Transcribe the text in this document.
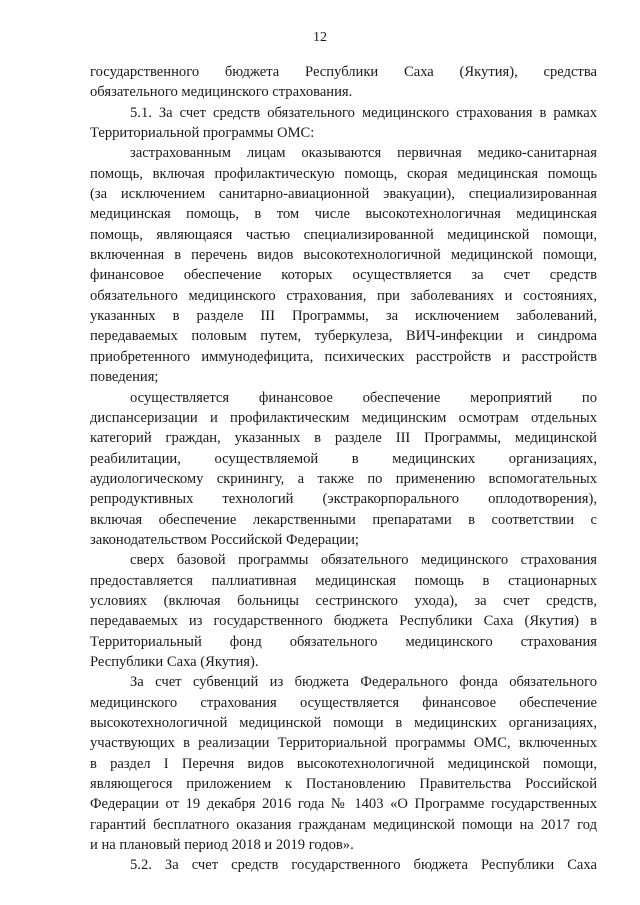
12
государственного бюджета Республики Саха (Якутия), средства
обязательного медицинского страхования.
5.1. За счет средств обязательного медицинского страхования в рамках
Территориальной программы ОМС:
застрахованным лицам оказываются первичная медико-санитарная
помощь, включая профилактическую помощь, скорая медицинская помощь
(за исключением санитарно-авиационной эвакуации), специализированная
медицинская помощь, в том числе высокотехнологичная медицинская
помощь, являющаяся частью специализированной медицинской помощи,
включенная в перечень видов высокотехнологичной медицинской помощи,
финансовое обеспечение которых осуществляется за счет средств
обязательного медицинского страхования, при заболеваниях и состояниях,
указанных в разделе III Программы, за исключением заболеваний,
передаваемых половым путем, туберкулеза, ВИЧ-инфекции и синдрома
приобретенного иммунодефицита, психических расстройств и расстройств
поведения;
осуществляется финансовое обеспечение мероприятий по
диспансеризации и профилактическим медицинским осмотрам отдельных
категорий граждан, указанных в разделе III Программы, медицинской
реабилитации, осуществляемой в медицинских организациях,
аудиологическому скринингу, а также по применению вспомогательных
репродуктивных технологий (экстракорпорального оплодотворения),
включая обеспечение лекарственными препаратами в соответствии с
законодательством Российской Федерации;
сверх базовой программы обязательного медицинского страхования
предоставляется паллиативная медицинская помощь в стационарных
условиях (включая больницы сестринского ухода), за счет средств,
передаваемых из государственного бюджета Республики Саха (Якутия) в
Территориальный фонд обязательного медицинского страхования
Республики Саха (Якутия).
За счет субвенций из бюджета Федерального фонда обязательного
медицинского страхования осуществляется финансовое обеспечение
высокотехнологичной медицинской помощи в медицинских организациях,
участвующих в реализации Территориальной программы ОМС, включенных
в раздел I Перечня видов высокотехнологичной медицинской помощи,
являющегося приложением к Постановлению Правительства Российской
Федерации от 19 декабря 2016 года № 1403 «О Программе государственных
гарантий бесплатного оказания гражданам медицинской помощи на 2017 год
и на плановый период 2018 и 2019 годов».
5.2. За счет средств государственного бюджета Республики Саха
